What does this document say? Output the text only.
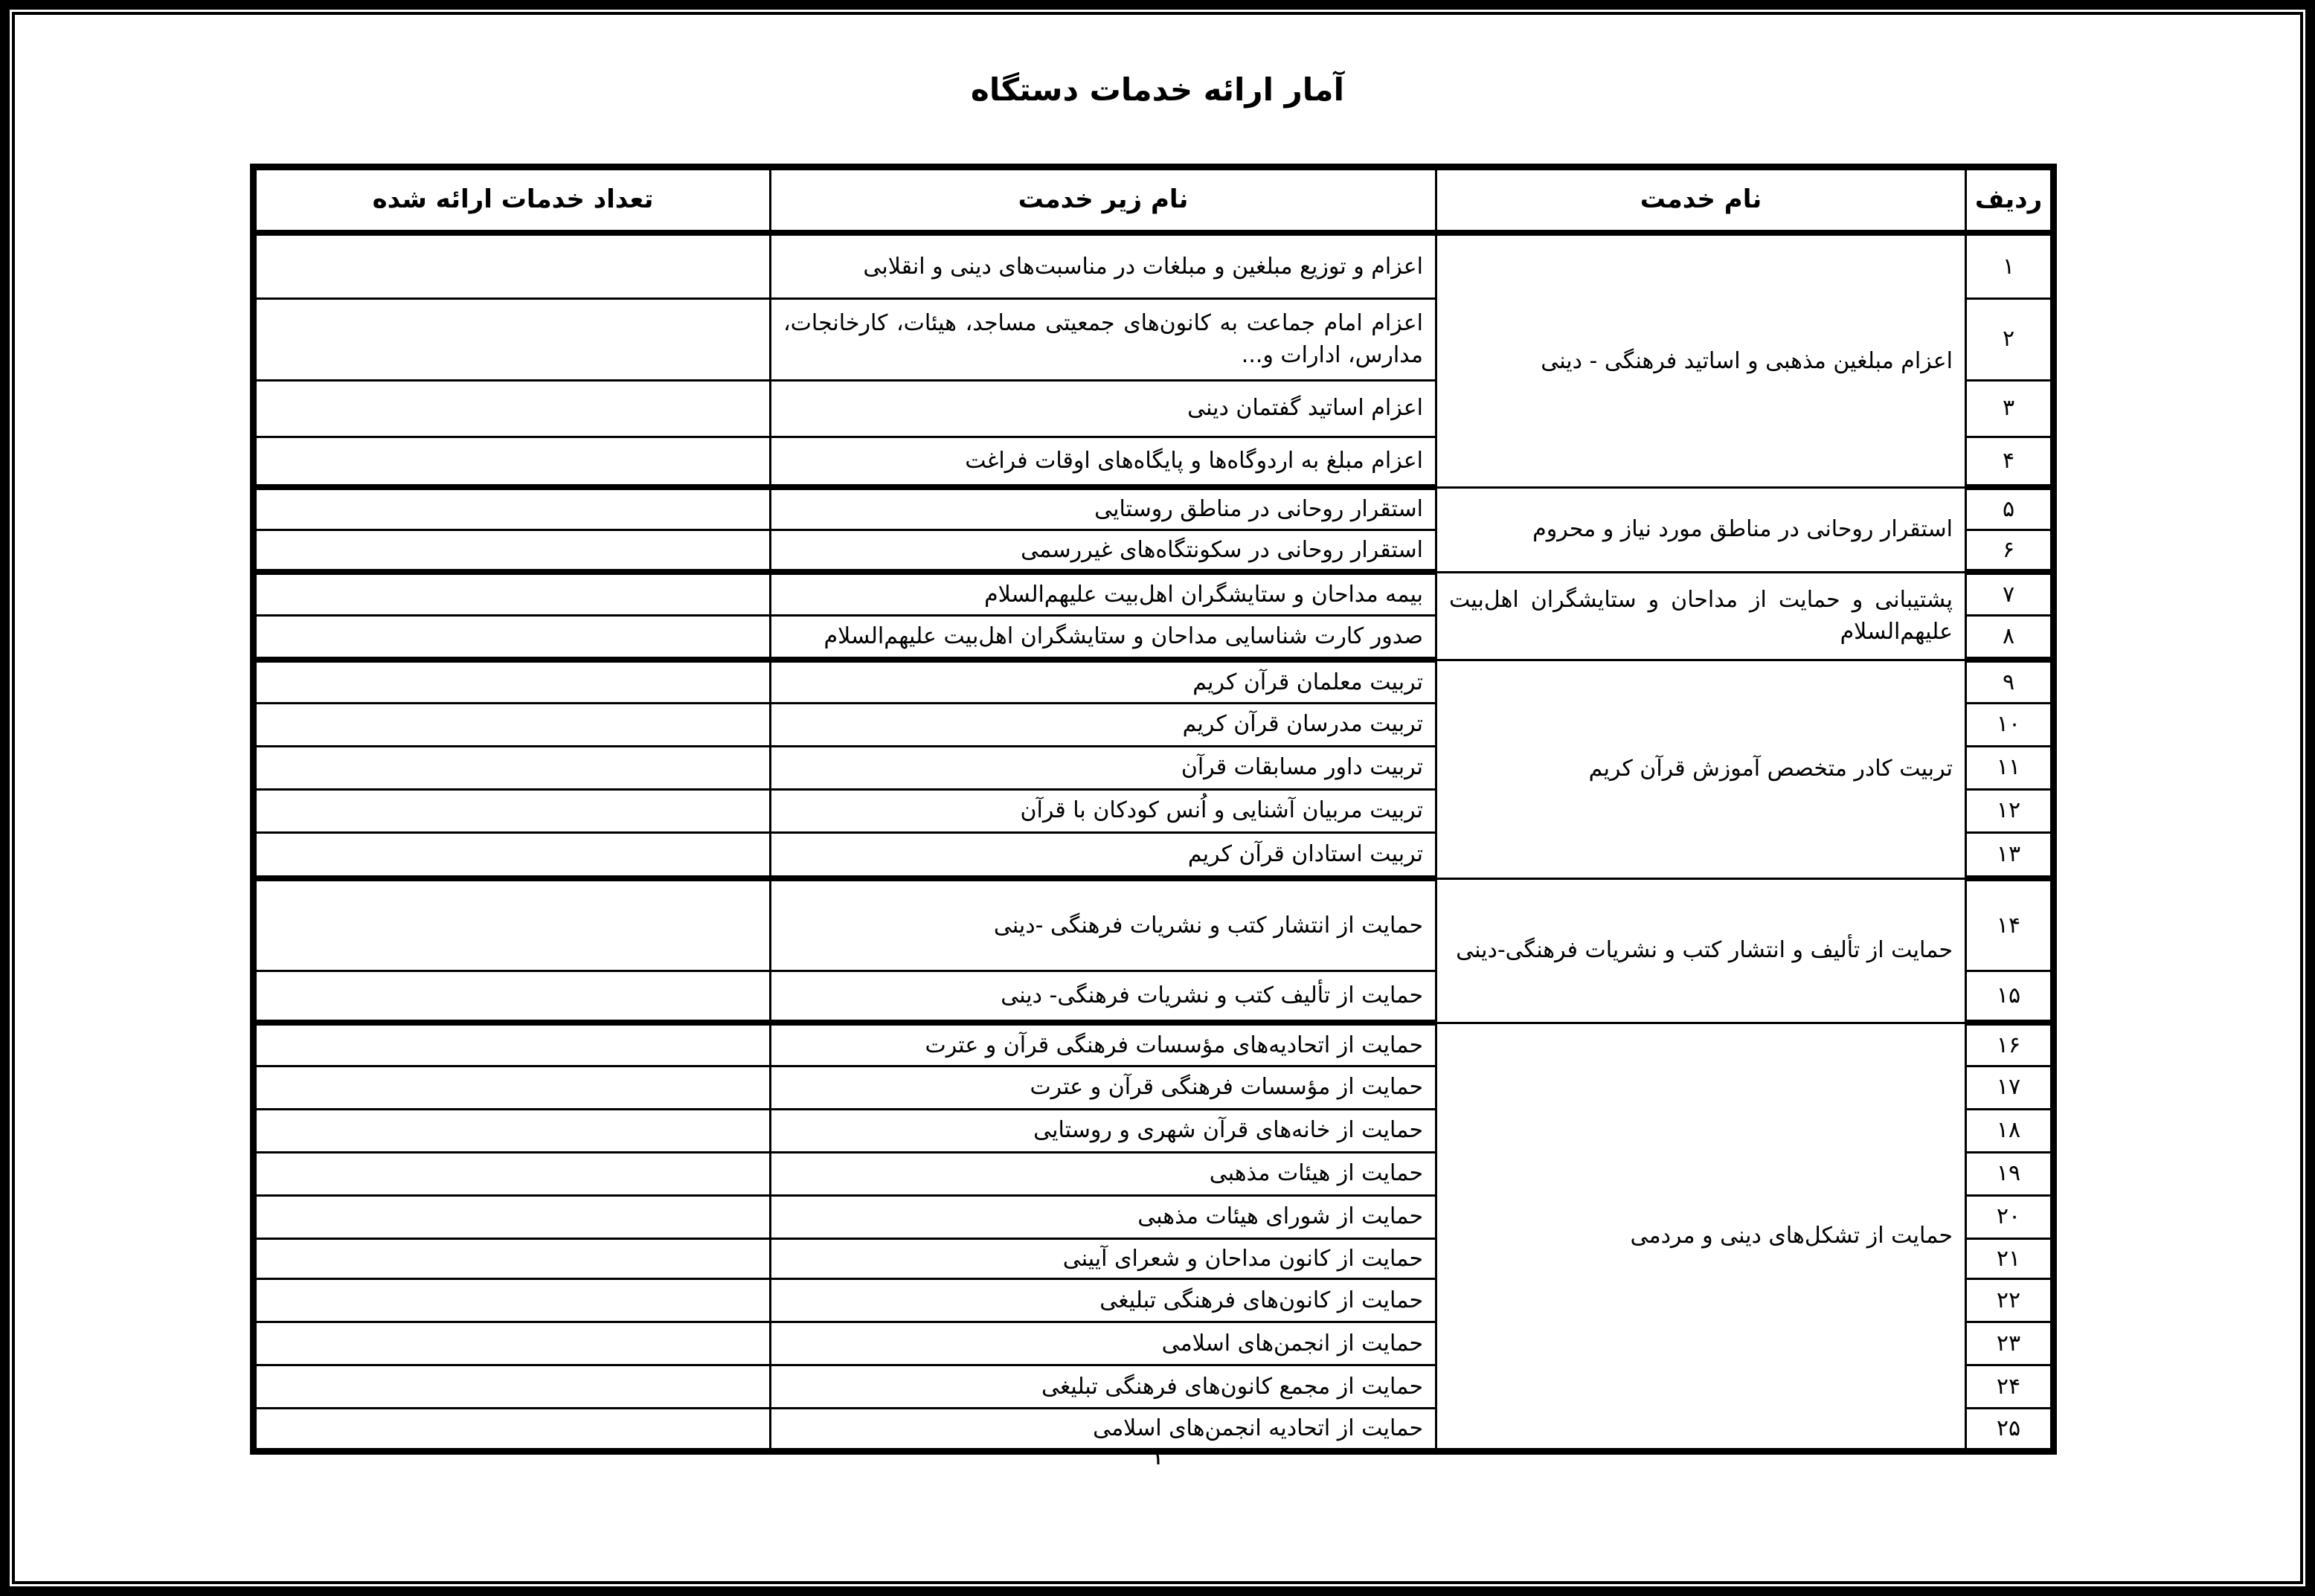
آمار ارائه خدمات دستگاه
ردیف	نام خدمت	نام زیر خدمت	تعداد خدمات ارائه شده
۱	اعزام مبلغین مذهبی و اساتید فرهنگی - دینی	اعزام و توزیع مبلغین و مبلغات در مناسبت‌های دینی و انقلابی	
۲		اعزام امام جماعت به کانون‌های جمعیتی مساجد، هیئات، کارخانجات، مدارس، ادارات و...	
۳		اعزام اساتید گفتمان دینی	
۴		اعزام مبلغ به اردوگاه‌ها و پایگاه‌های اوقات فراغت	
۵	استقرار روحانی در مناطق مورد نیاز و محروم	استقرار روحانی در مناطق روستایی	
۶		استقرار روحانی در سکونتگاه‌های غیررسمی	
۷	پشتیبانی و حمایت از مداحان و ستایشگران اهل‌بیت علیهم‌السلام	بیمه مداحان و ستایشگران اهل‌بیت علیهم‌السلام	
۸		صدور کارت شناسایی مداحان و ستایشگران اهل‌بیت علیهم‌السلام	
۹	تربیت کادر متخصص آموزش قرآن کریم	تربیت معلمان قرآن کریم	
۱۰		تربیت مدرسان قرآن کریم	
۱۱		تربیت داور مسابقات قرآن	
۱۲		تربیت مربیان آشنایی و اُنس کودکان با قرآن	
۱۳		تربیت استادان قرآن کریم	
۱۴	حمایت از تألیف و انتشار کتب و نشریات فرهنگی-دینی	حمایت از انتشار کتب و نشریات فرهنگی -دینی	
۱۵		حمایت از تألیف کتب و نشریات فرهنگی- دینی	
۱۶	حمایت از تشکل‌های دینی و مردمی	حمایت از اتحادیه‌های مؤسسات فرهنگی قرآن و عترت	
۱۷		حمایت از مؤسسات فرهنگی قرآن و عترت	
۱۸		حمایت از خانه‌های قرآن شهری و روستایی	
۱۹		حمایت از هیئات مذهبی	
۲۰		حمایت از شورای هیئات مذهبی	
۲۱		حمایت از کانون مداحان و شعرای آیینی	
۲۲		حمایت از کانون‌های فرهنگی تبلیغی	
۲۳		حمایت از انجمن‌های اسلامی	
۲۴		حمایت از مجمع کانون‌های فرهنگی تبلیغی	
۲۵		حمایت از اتحادیه انجمن‌های اسلامی	
۱
